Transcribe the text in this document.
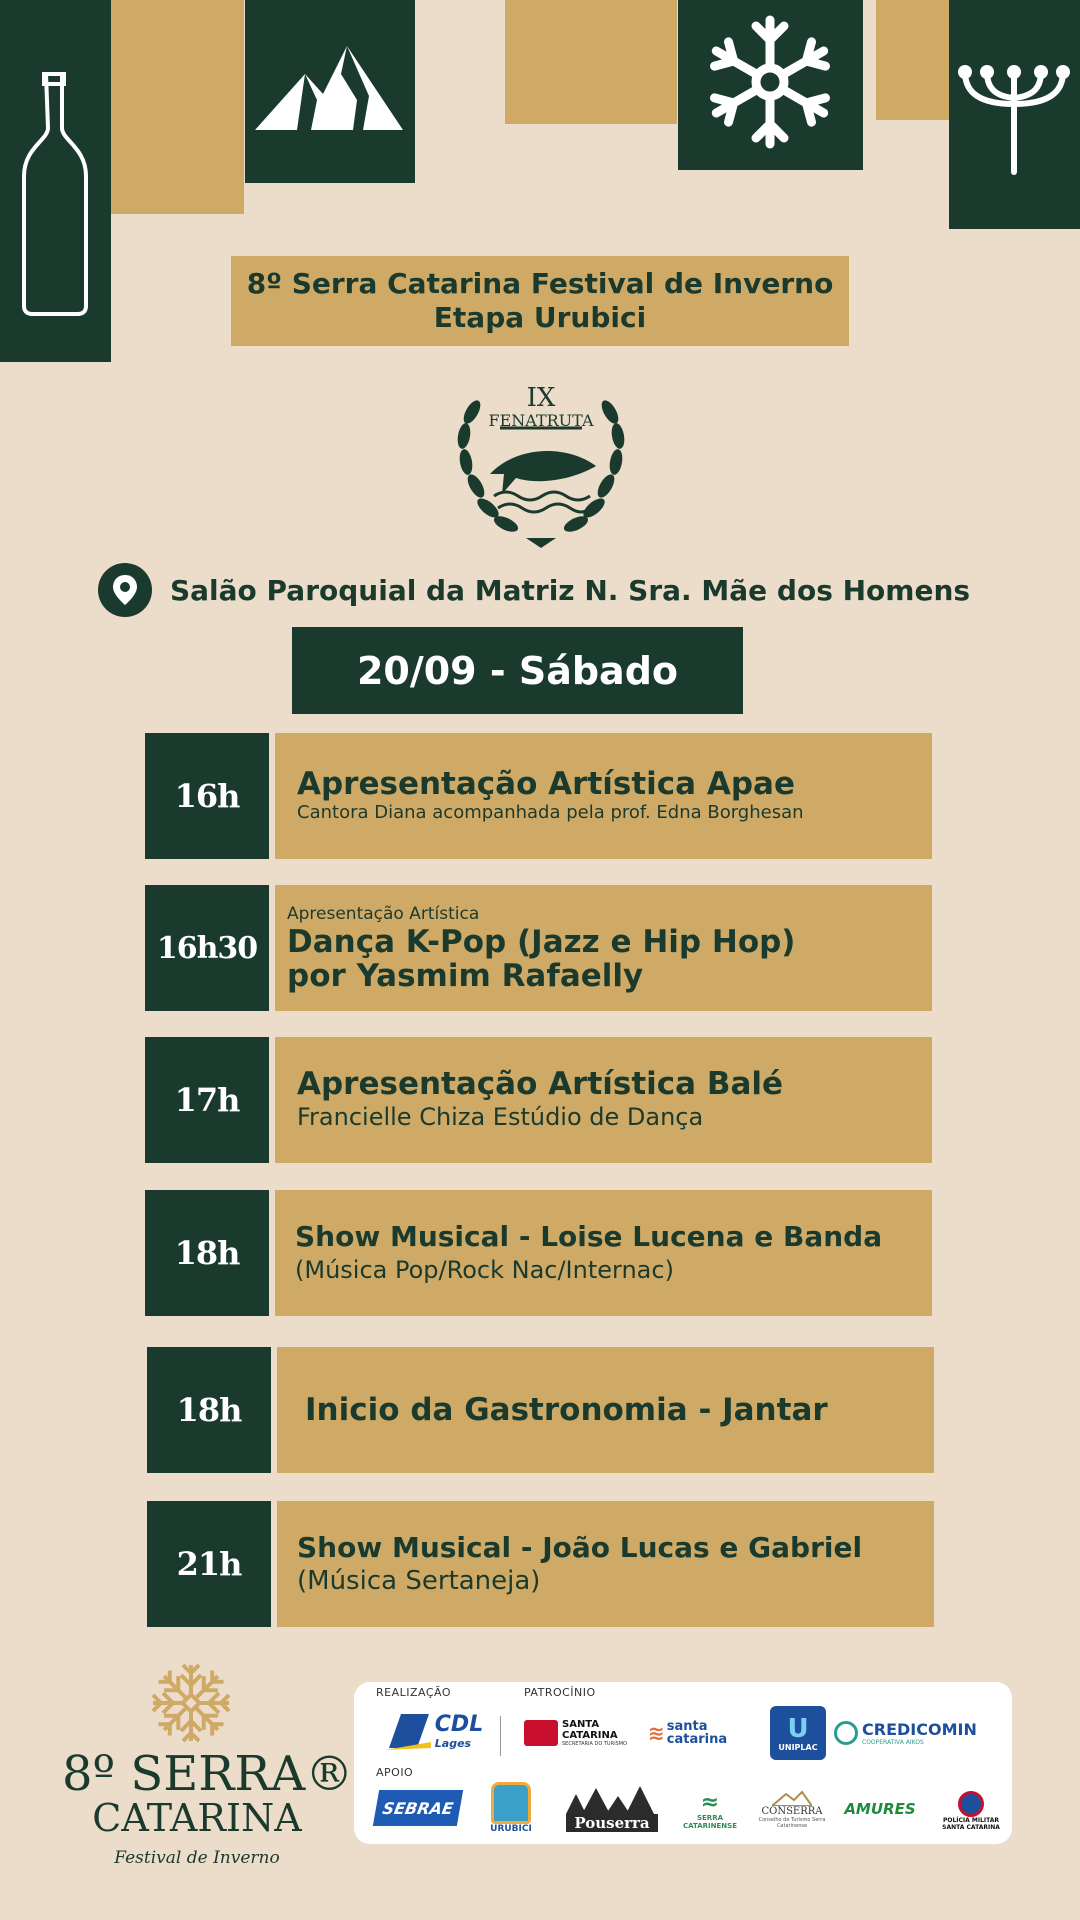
8º Serra Catarina Festival de Inverno
Etapa Urubici
IX
FENATRUTA
Salão Paroquial da Matriz N. Sra. Mãe dos Homens
20/09 - Sábado
16h	Apresentação Artística Apae
Cantora Diana acompanhada pela prof. Edna Borghesan
16h30
Apresentação Artística
Dança K-Pop (Jazz e Hip Hop)
por Yasmim Rafaelly
17h	Apresentação Artística Balé
Francielle Chiza Estúdio de Dança
18h	Show Musical - Loise Lucena e Banda
(Música Pop/Rock Nac/Internac)
18h	Inicio da Gastronomia - Jantar
21h	Show Musical - João Lucas e Gabriel
(Música Sertaneja)
8º SERRA®
CATARINA
Festival de Inverno
REALIZAÇÃO	PATROCÍNIO
APOIO
CDL
Lages
SANTA CATARINA
SECRETARIA DO TURISMO ≋ santa catarina	U
UNIPLAC
CREDICOMIN
COOPERATIVA AIKOS
SEBRAE
URUBICI	Pouserra
≈
SERRA CATARINENSE
CONSERRA
Conselho de Turismo Serra Catarinense
AMURES
POLÍCIA MILITAR SANTA CATARINA
